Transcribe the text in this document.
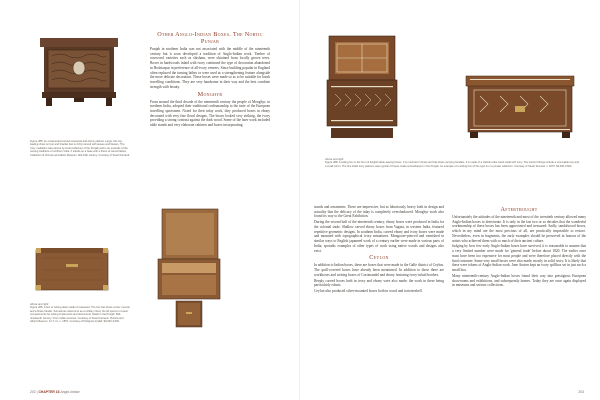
Figure 285: An ornamented carved rosewood and ebony cabinet. Large, this top-loading chest on bun and bracket feet is richly carved with leaves and flowers. The ivory medallion was carved by local craftsmen of the Punjab and is an example of the carving traditions of northern India. It stands on a base with a frieze of carved lattice. Collection of Victoria and Albert Museum. Mid 19th century. Courtesy of Stuart Ferrand.
Other Anglo-Indian Boxes. The Nortic Punjab

Punjab in northern India was not associated with the middle of the nineteenth century but it soon developed a tradition of Anglo-Indian work. Timber of rosewood varieties such as shisham, were obtained from locally grown trees. Boxes in hardwoods inlaid with ivory continued the type of decoration abandoned in Hoshiarpur in preference of all-ivory veneers. Since building popular in England often replaced the turning lathes or were used as a strengthening feature alongside the more delicate decoration. These boxes were made so as to be suitable for harsh travelling conditions. They are very handsome in their way and the best combine strength with beauty.

Monghyr

From around the third decade of the nineteenth century the people of Monghyr, in northern India, adopted their traditional craftsmanship to the taste of the European travelling sportsmen. Noted for their inlay work, they produced boxes in ebony decorated with very fine floral designs. The boxes looked very striking, the ivory providing a strong contrast against the dark wood. Some of the later work included table stands and very elaborate cabinets and boxes incorporating

Above and right:
Figure 286: A box or writing desk made of rosewood. The box has brass corner mounts and a brass handle. Sometimes referred to as a military chest, the lid opens to reveal compartments for writing implements and documents. Made in the Punjab. Mid-nineteenth century. From Indian sources. Courtesy of Stuart Ferrand. Victoria and Albert Museum. 12.7 cm, c. 1870. Courtesy of Pettigrew & Mail. $3,000-3,500.
202 | CHAPTER 16 Anglo-Indian
Above and right:
Figure 288: A writing box in the form of English table-sewing boxes. It is mounted in brass and has brass carrying handles. It is made of a shisham-like wood inlaid with ivory. The interior fittings include a removable tray and a small mirror. The fine inlaid ivory patterns were typical of boxes made at Hoshiarpur in the Punjab. An example of a writing box of this type is in a private collection. Courtesy of Stuart Ferrand. c. 1870. $3,000-3,500.

stands and ornaments. These are impressive, but as laboriously heavy both in design and actuality that the delicacy of the inlay is completely overshadowed. Monghyr work also found its way to the Great Exhibition.

During the second half of the nineteenth century, ebony boxes were produced in India for the colonial trade. Shallow carved ebony boxes from Vagina, in western India, featured repetitive geometric designs. In southern India, carved ebony and ivory boxes were made and mounted with topographical ivory miniatures. Mongoose-pierced and varnished in similar ways to English japanned work of a century earlier were made in various parts of India, sporadic examples of other types of work using native woods and designs also exist.

Ceylon

In addition to Indian boxes, there are boxes that were made in the Galle district of Ceylon. The quill-covered boxes have already been mentioned. In addition to these there are workboxes and writing boxes of Coromandel and ebony featuring ivory-inlaid borders.

Beeply carved boxes both in ivory and ebony were also made; the work in these being particularly robust.

Ceylon also produced silver-mounted boxes both in wood and tortoiseshell.

Afterthought

Unfortunately the attitudes of the nineteenth and most of the twentieth century allowed many Anglo-Indian boxes to deteriorate. It is only in the last two or so decades that the wonderful workmanship of these boxes has been appreciated and treasured. Sadly, sandalwood boxes, which in my mind are the most precious of all, are practically impossible to restore. Nevertheless, even in fragments, the early examples should be preserved in honour of the artists who achieved them with so much of their ancient culture.

Judging by how few early Anglo-Indian boxes have survived, it is reasonable to assume that a very limited number were made for 'general trade' before about 1820. The earlier ones must have been too expensive for most people and were therefore placed directly with the final customer. Some very small boxes were also made, mostly in solid ivory. It is likely that these were tokens of Anglo-Indian work. Jane Austen kept an ivory spillbox set in just such a small box.

Many nineteenth-century Anglo-Indian boxes found their way into prestigious European showrooms and exhibitions, and subsequently homes. Today they are once again displayed in museums and serious collections.

203
